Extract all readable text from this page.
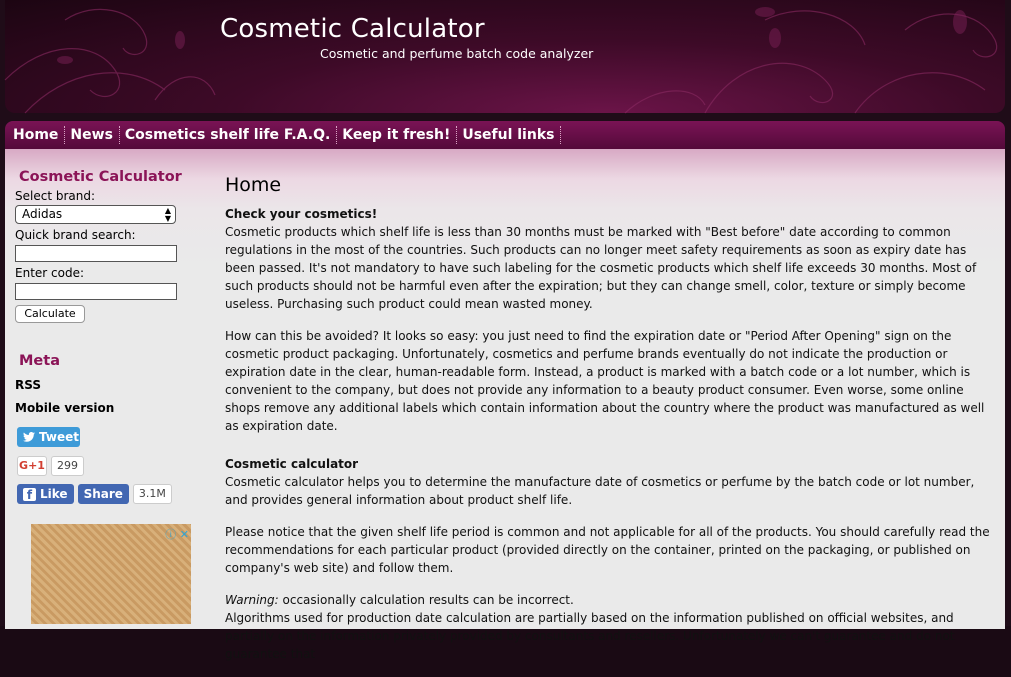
Cosmetic Calculator
Cosmetic and perfume batch code analyzer
Home News Cosmetics shelf life F.A.Q. Keep it fresh! Useful links
Cosmetic Calculator
Select brand:
Adidas	▲
▼
Quick brand search:
Enter code:
Calculate
Meta
RSS
Mobile version
Tweet
G+1	299
f Like	Share	3.1M
ⓘ ✕
Home
Check your cosmetics!

Cosmetic products which shelf life is less than 30 months must be marked with "Best before" date according to common regulations in the most of the countries. Such products can no longer meet safety requirements as soon as expiry date has been passed. It's not mandatory to have such labeling for the cosmetic products which shelf life exceeds 30 months. Most of such products should not be harmful even after the expiration; but they can change smell, color, texture or simply become useless. Purchasing such product could mean wasted money.

How can this be avoided? It looks so easy: you just need to find the expiration date or "Period After Opening" sign on the cosmetic product packaging. Unfortunately, cosmetics and perfume brands eventually do not indicate the production or expiration date in the clear, human-readable form. Instead, a product is marked with a batch code or a lot number, which is convenient to the company, but does not provide any information to a beauty product consumer. Even worse, some online shops remove any additional labels which contain information about the country where the product was manufactured as well as expiration date.

Cosmetic calculator

Cosmetic calculator helps you to determine the manufacture date of cosmetics or perfume by the batch code or lot number, and provides general information about product shelf life.

Please notice that the given shelf life period is common and not applicable for all of the products. You should carefully read the recommendations for each particular product (provided directly on the container, printed on the packaging, or published on company's web site) and follow them.

Warning: occasionally calculation results can be incorrect.

Algorithms used for production date calculation are partially based on the information published on official websites, and partially on the information privately provided by consultants and resellers. Unfortunately we can't guarantee and do not guarantee that
